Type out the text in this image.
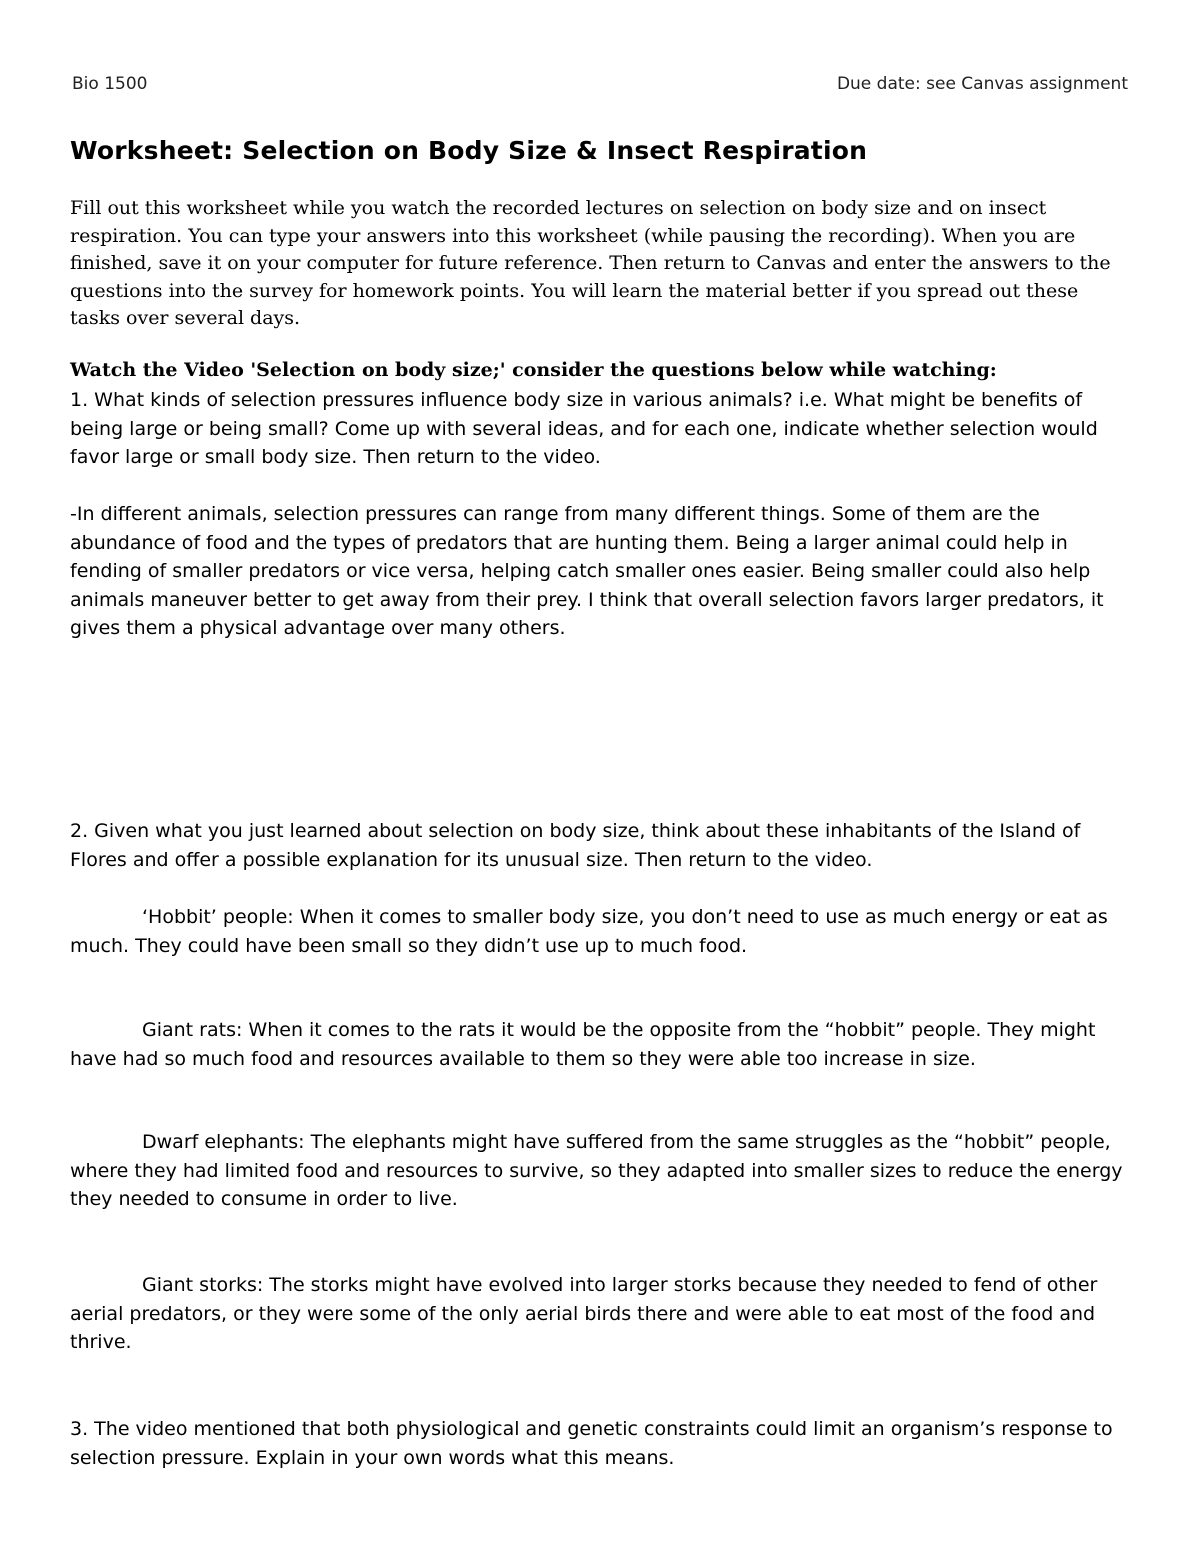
Bio 1500	Due date: see Canvas assignment
Worksheet: Selection on Body Size & Insect Respiration

Fill out this worksheet while you watch the recorded lectures on selection on body size and on insect respiration. You can type your answers into this worksheet (while pausing the recording). When you are finished, save it on your computer for future reference. Then return to Canvas and enter the answers to the questions into the survey for homework points. You will learn the material better if you spread out these tasks over several days.

Watch the Video 'Selection on body size;' consider the questions below while watching:

1. What kinds of selection pressures influence body size in various animals? i.e. What might be benefits of being large or being small? Come up with several ideas, and for each one, indicate whether selection would favor large or small body size. Then return to the video.

-In different animals, selection pressures can range from many different things. Some of them are the abundance of food and the types of predators that are hunting them. Being a larger animal could help in fending of smaller predators or vice versa, helping catch smaller ones easier. Being smaller could also help animals maneuver better to get away from their prey. I think that overall selection favors larger predators, it gives them a physical advantage over many others.

2. Given what you just learned about selection on body size, think about these inhabitants of the Island of Flores and offer a possible explanation for its unusual size. Then return to the video.

‘Hobbit’ people: When it comes to smaller body size, you don’t need to use as much energy or eat as much. They could have been small so they didn’t use up to much food.

Giant rats: When it comes to the rats it would be the opposite from the “hobbit” people. They might have had so much food and resources available to them so they were able too increase in size.

Dwarf elephants: The elephants might have suffered from the same struggles as the “hobbit” people, where they had limited food and resources to survive, so they adapted into smaller sizes to reduce the energy they needed to consume in order to live.

Giant storks: The storks might have evolved into larger storks because they needed to fend of other aerial predators, or they were some of the only aerial birds there and were able to eat most of the food and thrive.

3. The video mentioned that both physiological and genetic constraints could limit an organism’s response to selection pressure. Explain in your own words what this means.
